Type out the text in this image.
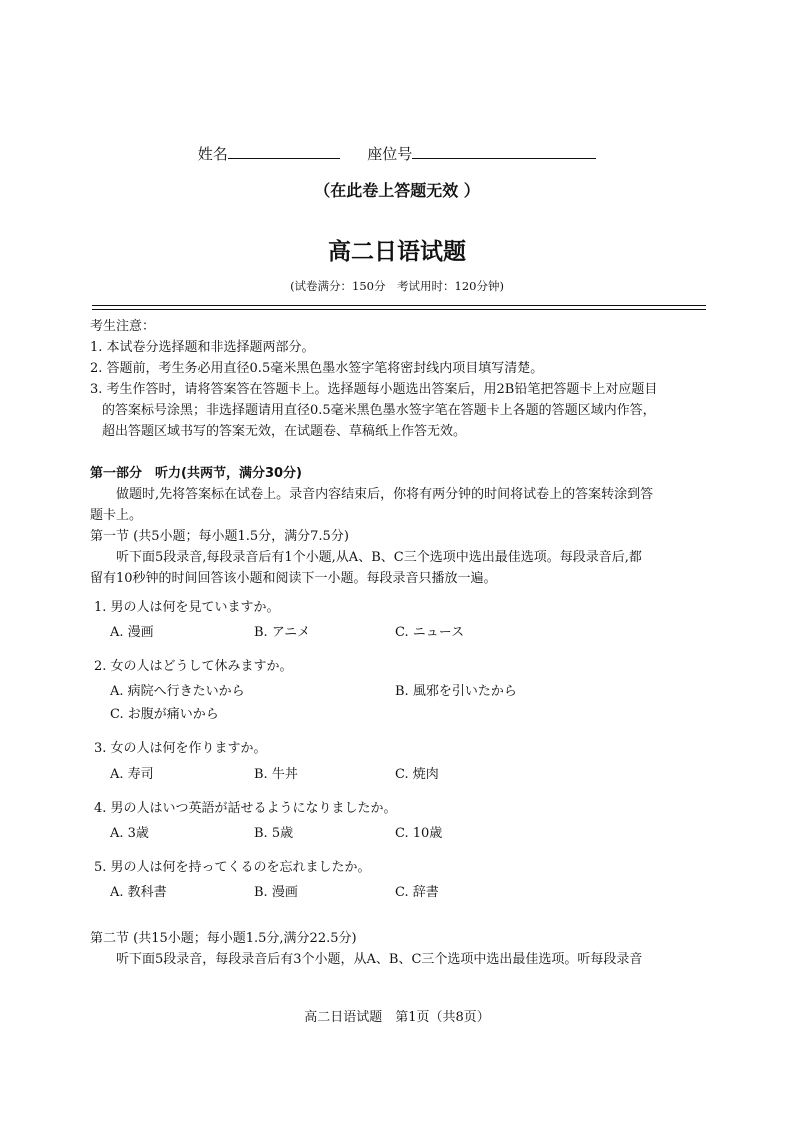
姓名	座位号
（在此卷上答题无效 ）
高二日语试题
(试卷满分：150分　考试用时：120分钟)
考生注意：
1. 本试卷分选择题和非选择题两部分。
2. 答题前，考生务必用直径0.5毫米黑色墨水签字笔将密封线内项目填写清楚。
3. 考生作答时，请将答案答在答题卡上。选择题每小题选出答案后，用2B铅笔把答题卡上对应题目
的答案标号涂黑；非选择题请用直径0.5毫米黑色墨水签字笔在答题卡上各题的答题区域内作答，
超出答题区域书写的答案无效，在试题卷、草稿纸上作答无效。
第一部分　听力(共两节，满分30分)
做题时,先将答案标在试卷上。录音内容结束后，你将有两分钟的时间将试卷上的答案转涂到答
题卡上。
第一节 (共5小题；每小题1.5分，满分7.5分)
听下面5段录音,每段录音后有1个小题,从A、B、C三个选项中选出最佳选项。每段录音后,都
留有10秒钟的时间回答该小题和阅读下一小题。每段录音只播放一遍。
1. 男の人は何を見ていますか。
A. 漫画	B. アニメ	C. ニュース
2. 女の人はどうして休みますか。
A. 病院へ行きたいから	B. 風邪を引いたから
C. お腹が痛いから
3. 女の人は何を作りますか。
A. 寿司	B. 牛丼	C. 焼肉
4. 男の人はいつ英語が話せるようになりましたか。
A. 3歳	B. 5歳	C. 10歳
5. 男の人は何を持ってくるのを忘れましたか。
A. 教科書	B. 漫画	C. 辞書
第二节 (共15小题；每小题1.5分,满分22.5分)
听下面5段录音，每段录音后有3个小题，从A、B、C三个选项中选出最佳选项。听每段录音
高二日语试题　第1页（共8页）
